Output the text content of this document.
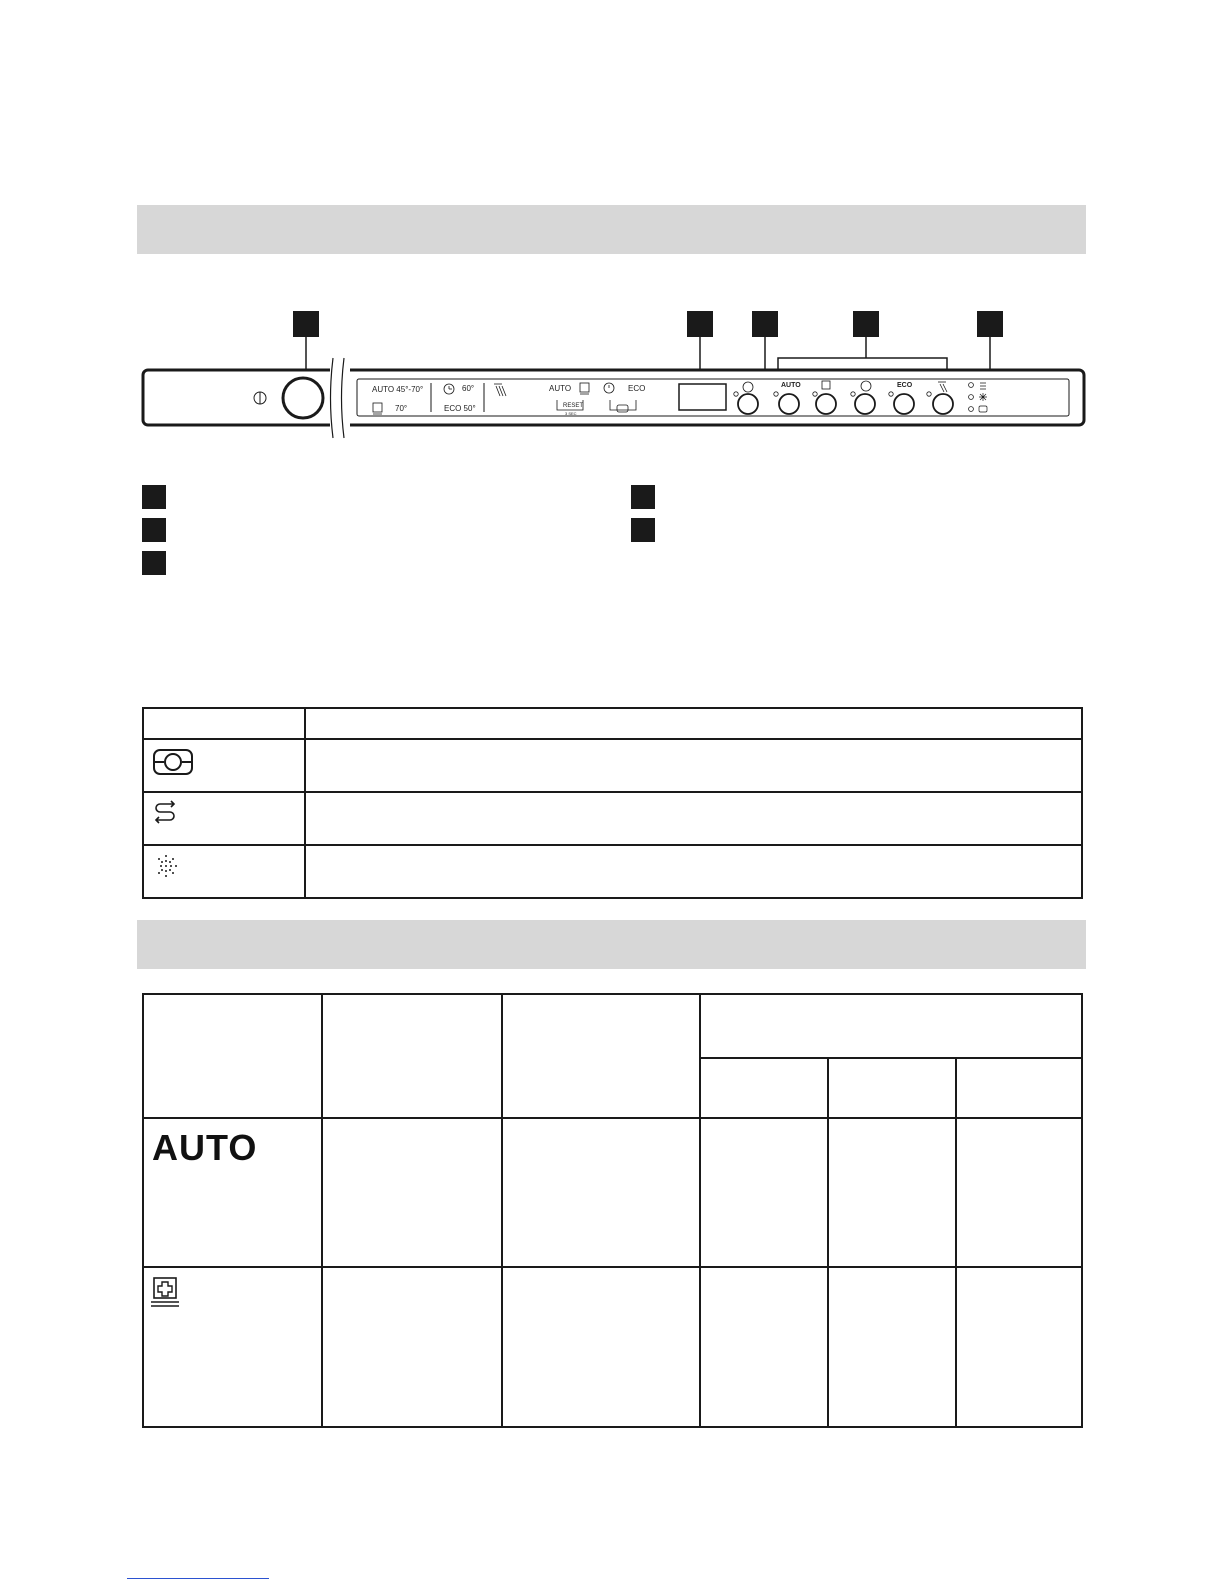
AUTO 45°-70°
70°
60°
ECO 50°
AUTO	ECO
RESET
3 SEC
AUTO	ECO

AUTO					
